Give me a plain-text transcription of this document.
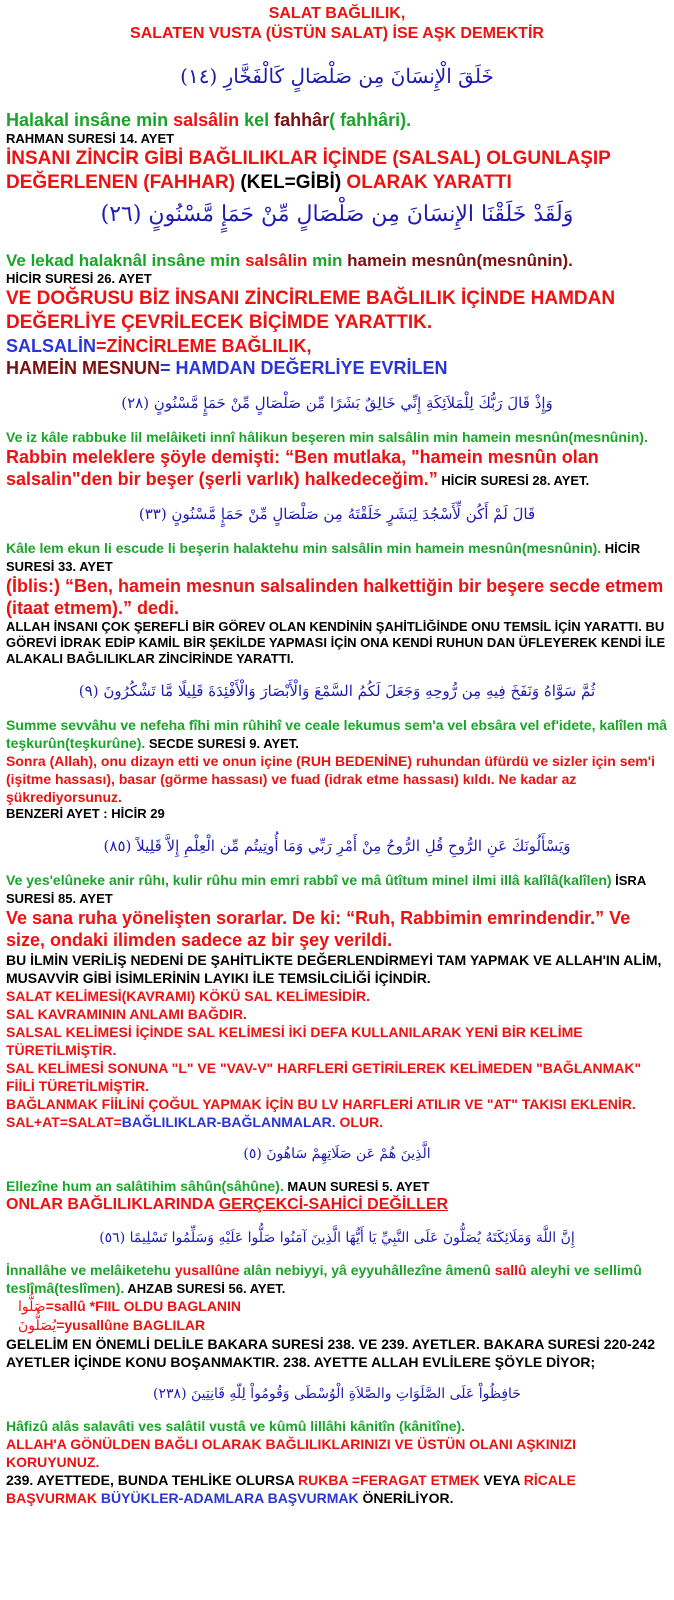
SALAT BAĞLILIK,

SALATEN VUSTA (ÜSTÜN SALAT) İSE AŞK DEMEKTİR

خَلَقَ الْإِنسَانَ مِن صَلْصَالٍ كَالْفَخَّارِ (١٤)

Halakal insâne min salsâlin kel fahhâr( fahhâri).

RAHMAN SURESİ 14. AYET

İNSANI ZİNCİR GİBİ BAĞLILIKLAR İÇİNDE (SALSAL) OLGUNLAŞIP DEĞERLENEN (FAHHAR) (KEL=GİBİ) OLARAK YARATTI

وَلَقَدْ خَلَقْنَا الإِنسَانَ مِن صَلْصَالٍ مِّنْ حَمَإٍ مَّسْنُونٍ (٢٦)

Ve lekad halaknâl insâne min salsâlin min hamein mesnûn(mesnûnin).

HİCİR SURESİ 26. AYET

VE DOĞRUSU BİZ İNSANI ZİNCİRLEME BAĞLILIK İÇİNDE HAMDAN DEĞERLİYE ÇEVRİLECEK BİÇİMDE YARATTIK.

SALSALİN=ZİNCİRLEME BAĞLILIK,
HAMEİN MESNUN= HAMDAN DEĞERLİYE EVRİLEN

وَإِذْ قَالَ رَبُّكَ لِلْمَلاَئِكَةِ إِنِّي خَالِقٌ بَشَرًا مِّن صَلْصَالٍ مِّنْ حَمَإٍ مَّسْنُونٍ (٢٨)

Ve iz kâle rabbuke lil melâiketi innî hâlikun beşeren min salsâlin min hamein mesnûn(mesnûnin).

Rabbin meleklere şöyle demişti: “Ben mutlaka, "hamein mesnûn olan salsalin"den bir beşer (şerli varlık) halkedeceğim.” HİCİR SURESİ 28. AYET.

قَالَ لَمْ أَكُن لِّأَسْجُدَ لِبَشَرٍ خَلَقْتَهُ مِن صَلْصَالٍ مِّنْ حَمَإٍ مَّسْنُونٍ (٣٣)

Kâle lem ekun li escude li beşerin halaktehu min salsâlin min hamein mesnûn(mesnûnin). HİCİR SURESİ 33. AYET

(İblis:) “Ben, hamein mesnun salsalinden halkettiğin bir beşere secde etmem (itaat etmem).” dedi.

ALLAH İNSANI ÇOK ŞEREFLİ BİR GÖREV OLAN KENDİNİN ŞAHİTLİĞİNDE ONU TEMSİL İÇİN YARATTI. BU GÖREVİ İDRAK EDİP KAMİL BİR ŞEKİLDE YAPMASI İÇİN ONA KENDİ RUHUN DAN ÜFLEYEREK KENDİ İLE ALAKALI BAĞLILIKLAR ZİNCİRİNDE YARATTI.

ثُمَّ سَوَّاهُ وَنَفَخَ فِيهِ مِن رُّوحِهِ وَجَعَلَ لَكُمُ السَّمْعَ وَالْأَبْصَارَ وَالْأَفْئِدَةَ قَلِيلًا مَّا تَشْكُرُونَ (٩)

Summe sevvâhu ve nefeha fîhi min rûhihî ve ceale lekumus sem'a vel ebsâra vel ef'idete, kalîlen mâ teşkurûn(teşkurûne). SECDE SURESİ 9. AYET.

Sonra (Allah), onu dizayn etti ve onun içine (RUH BEDENİNE) ruhundan üfürdü ve sizler için sem'i (işitme hassası), basar (görme hassası) ve fuad (idrak etme hassası) kıldı. Ne kadar az şükrediyorsunuz.

BENZERİ AYET : HİCİR 29

وَيَسْأَلُونَكَ عَنِ الرُّوحِ قُلِ الرُّوحُ مِنْ أَمْرِ رَبِّي وَمَا أُوتِيتُم مِّن الْعِلْمِ إِلاَّ قَلِيلاً (٨٥)

Ve yes'elûneke anir rûhı, kulir rûhu min emri rabbî ve mâ ûtîtum minel ilmi illâ kalîlâ(kalîlen) İSRA SURESİ 85. AYET

Ve sana ruha yönelişten sorarlar. De ki: “Ruh, Rabbimin emrindendir.” Ve size, ondaki ilimden sadece az bir şey verildi.

BU İLMİN VERİLİŞ NEDENİ DE ŞAHİTLİKTE DEĞERLENDİRMEYİ TAM YAPMAK VE ALLAH'IN ALİM, MUSAVVİR GİBİ İSİMLERİNİN LAYIKI İLE TEMSİLCİLİĞİ İÇİNDİR.

SALAT KELİMESİ(KAVRAMI) KÖKÜ SAL KELİMESİDİR.

SAL KAVRAMININ ANLAMI BAĞDIR.

SALSAL KELİMESİ İÇİNDE SAL KELİMESİ İKİ DEFA KULLANILARAK YENİ BİR KELİME TÜRETİLMİŞTİR.

SAL KELİMESİ SONUNA "L" VE "VAV-V" HARFLERİ GETİRİLEREK KELİMEDEN "BAĞLANMAK" FİİLİ TÜRETİLMİŞTİR.

BAĞLANMAK FİİLİNİ ÇOĞUL YAPMAK İÇİN BU LV HARFLERİ ATILIR VE "AT" TAKISI EKLENİR. SAL+AT=SALAT=BAĞLILIKLAR-BAĞLANMALAR. OLUR.

الَّذِينَ هُمْ عَن صَلَاتِهِمْ سَاهُونَ (٥)

Ellezîne hum an salâtihim sâhûn(sâhûne). MAUN SURESİ 5. AYET

ONLAR BAĞLILIKLARINDA GERÇEKCİ-SAHİCİ DEĞİLLER

إِنَّ اللَّهَ وَمَلَائِكَتَهُ يُصَلُّونَ عَلَى النَّبِيِّ يَا أَيُّهَا الَّذِينَ آمَنُوا صَلُّوا عَلَيْهِ وَسَلِّمُوا تَسْلِيمًا (٥٦)

İnnallâhe ve melâiketehu yusallûne alân nebiyyi, yâ eyyuhâllezîne âmenû sallû aleyhi ve sellimû teslîmâ(teslîmen). AHZAB SURESİ 56. AYET.

صَلُّوا=sallû *FIIL OLDU BAGLANIN

يُصَلُّونَ=yusallûne BAGLILAR

GELELİM EN ÖNEMLİ DELİLE BAKARA SURESİ 238. VE 239. AYETLER. BAKARA SURESİ 220-242 AYETLER İÇİNDE KONU BOŞANMAKTIR. 238. AYETTE ALLAH EVLİLERE ŞÖYLE DİYOR;

حَافِظُواْ عَلَى الصَّلَوَاتِ والصَّلاَةِ الْوُسْطَى وَقُومُواْ لِلّهِ قَانِتِينَ (٢٣٨)

Hâfizû alâs salavâti ves salâtil vustâ ve kûmû lillâhi kânitîn (kânitîne).

ALLAH'A GÖNÜLDEN BAĞLI OLARAK BAĞLILIKLARINIZI VE ÜSTÜN OLANI AŞKINIZI KORUYUNUZ.

239. AYETTEDE, BUNDA TEHLİKE OLURSA RUKBA =FERAGAT ETMEK VEYA RİCALE BAŞVURMAK BÜYÜKLER-ADAMLARA BAŞVURMAK ÖNERİLİYOR.
